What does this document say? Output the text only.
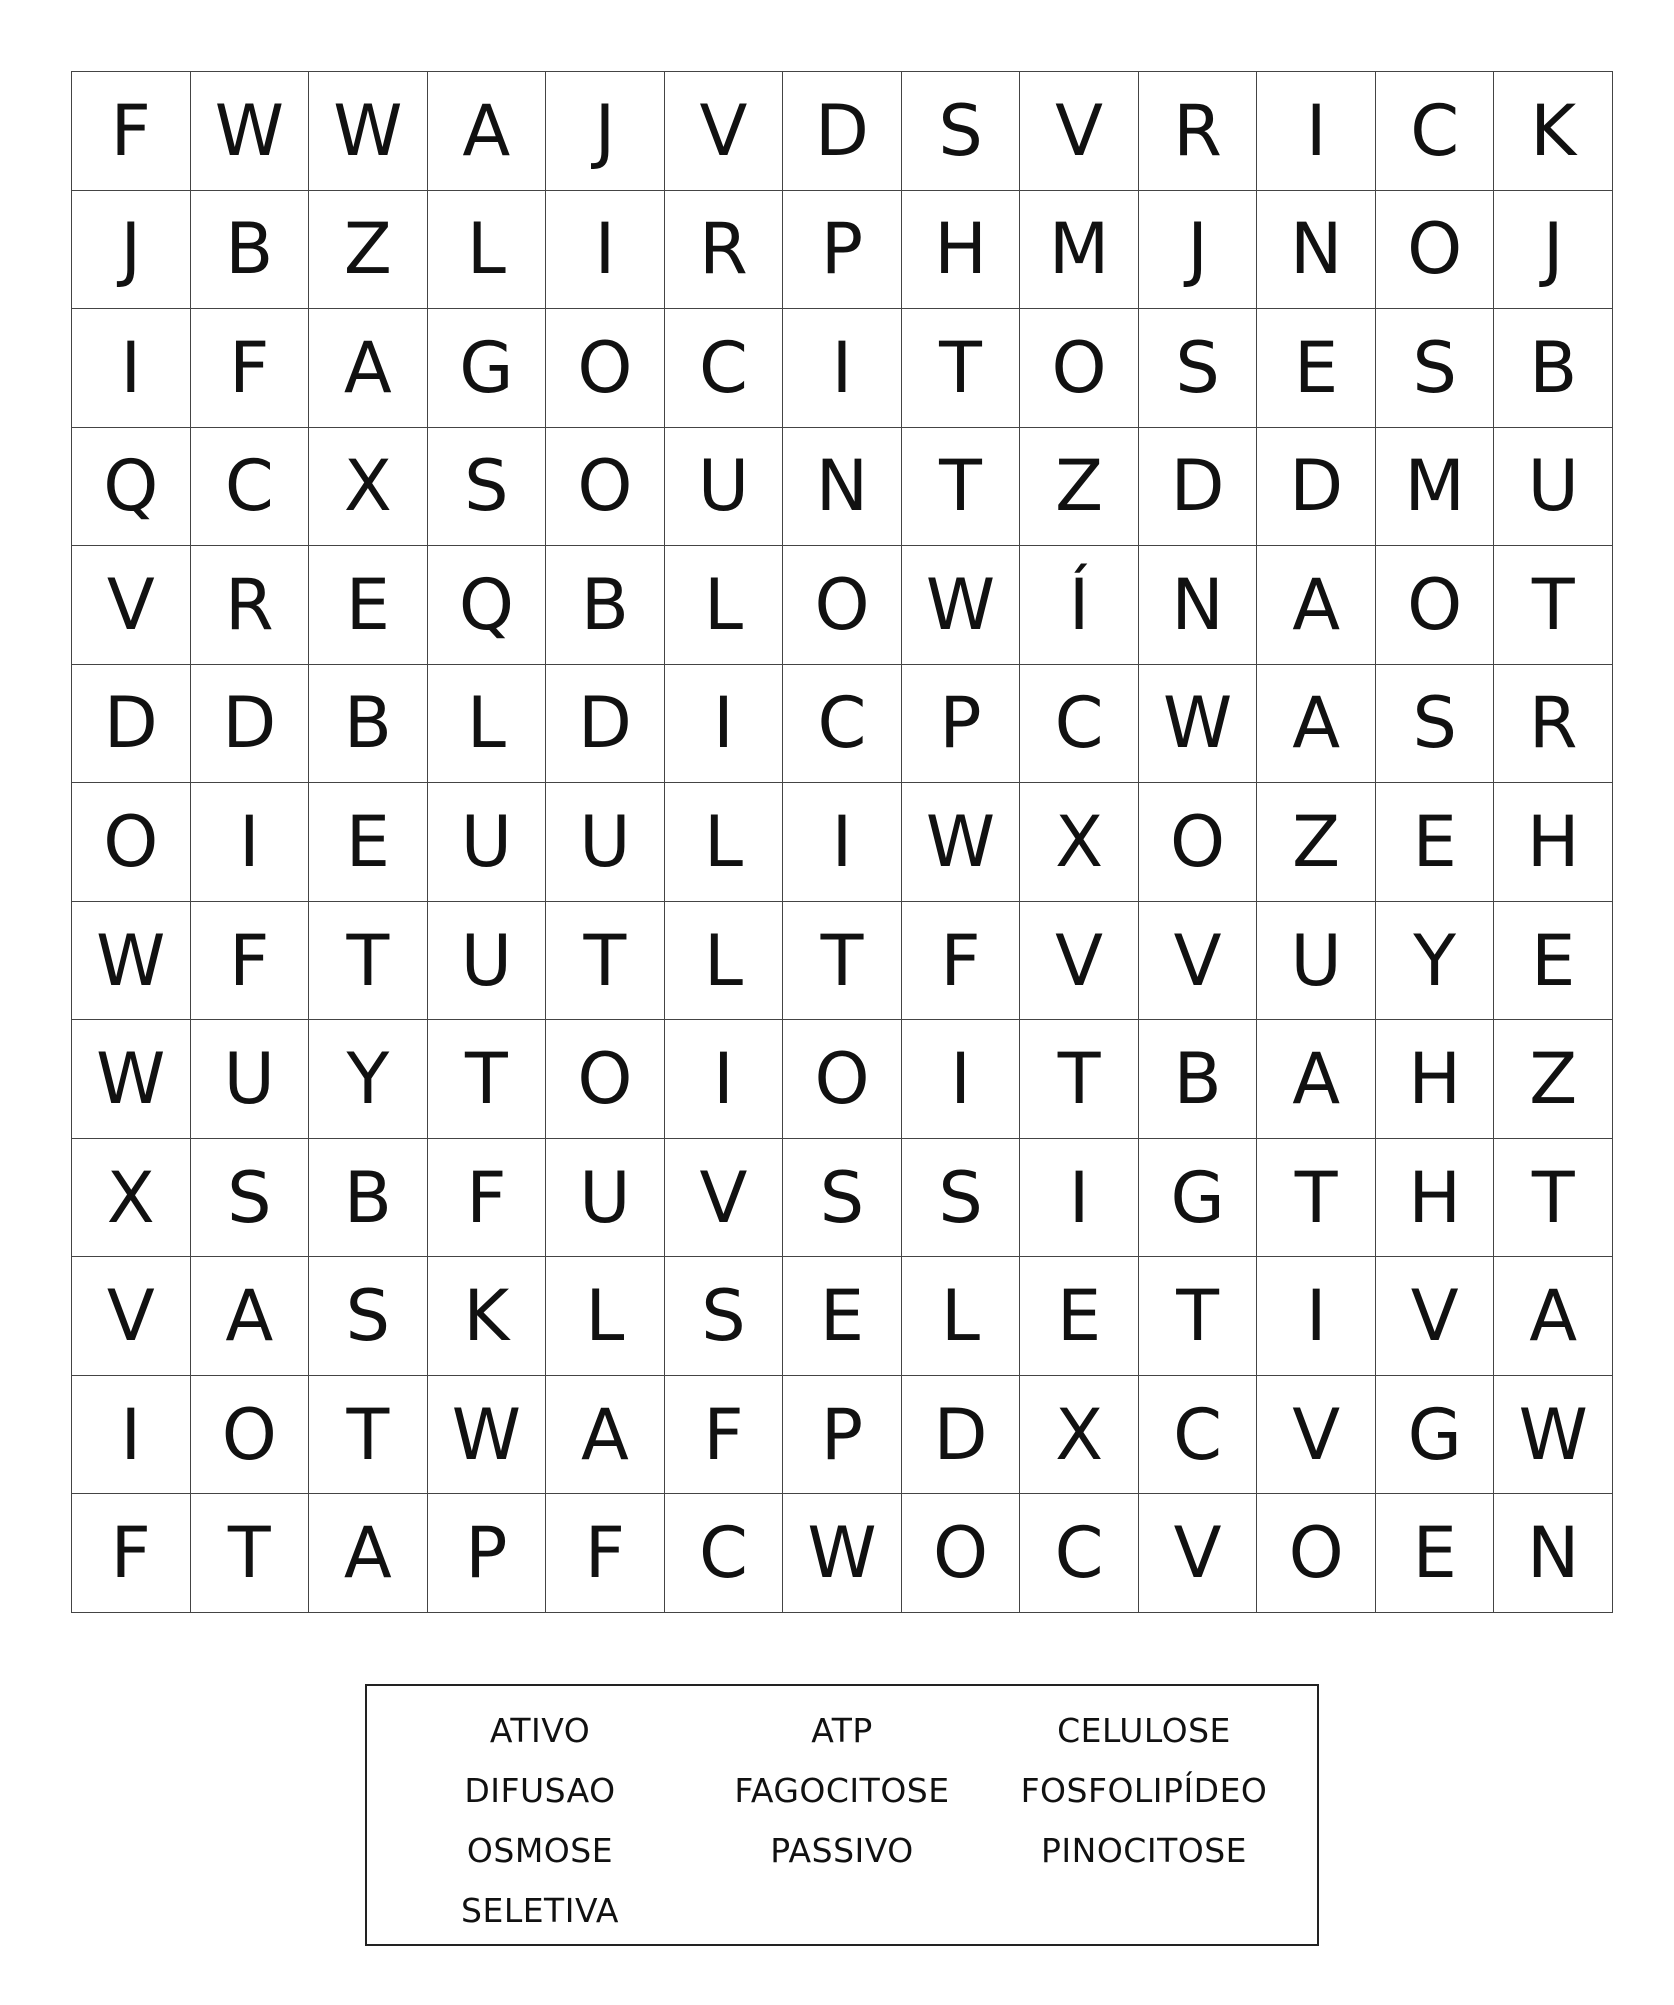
F W W A	J	V D S	V	R	I	C	K
J	B	Z	L	I	R	P	H M	J	N O	J
I	F	A G O C	I	T O S	E	S	B
Q C	X	S O U N	T	Z D D M U
V	R	E Q B	L	O W	Í	N A O T
D D B	L	D	I	C	P	C W A	S	R
O	I	E	U U	L	I	W X O Z	E	H
W F	T	U	T	L	T	F	V	V U	Y	E
W U	Y	T O	I	O	I	T	B	A H Z
X	S	B	F	U V	S	S	I	G	T	H	T
V	A	S	K	L	S	E	L	E	T	I	V	A
I	O T W A	F	P	D X	C	V G W
F	T	A	P	F	C W O C	V O E	N
ATIVO	ATP	CELULOSE
DIFUSAO	FAGOCITOSE	FOSFOLIPÍDEO
OSMOSE	PASSIVO	PINOCITOSE
SELETIVA
